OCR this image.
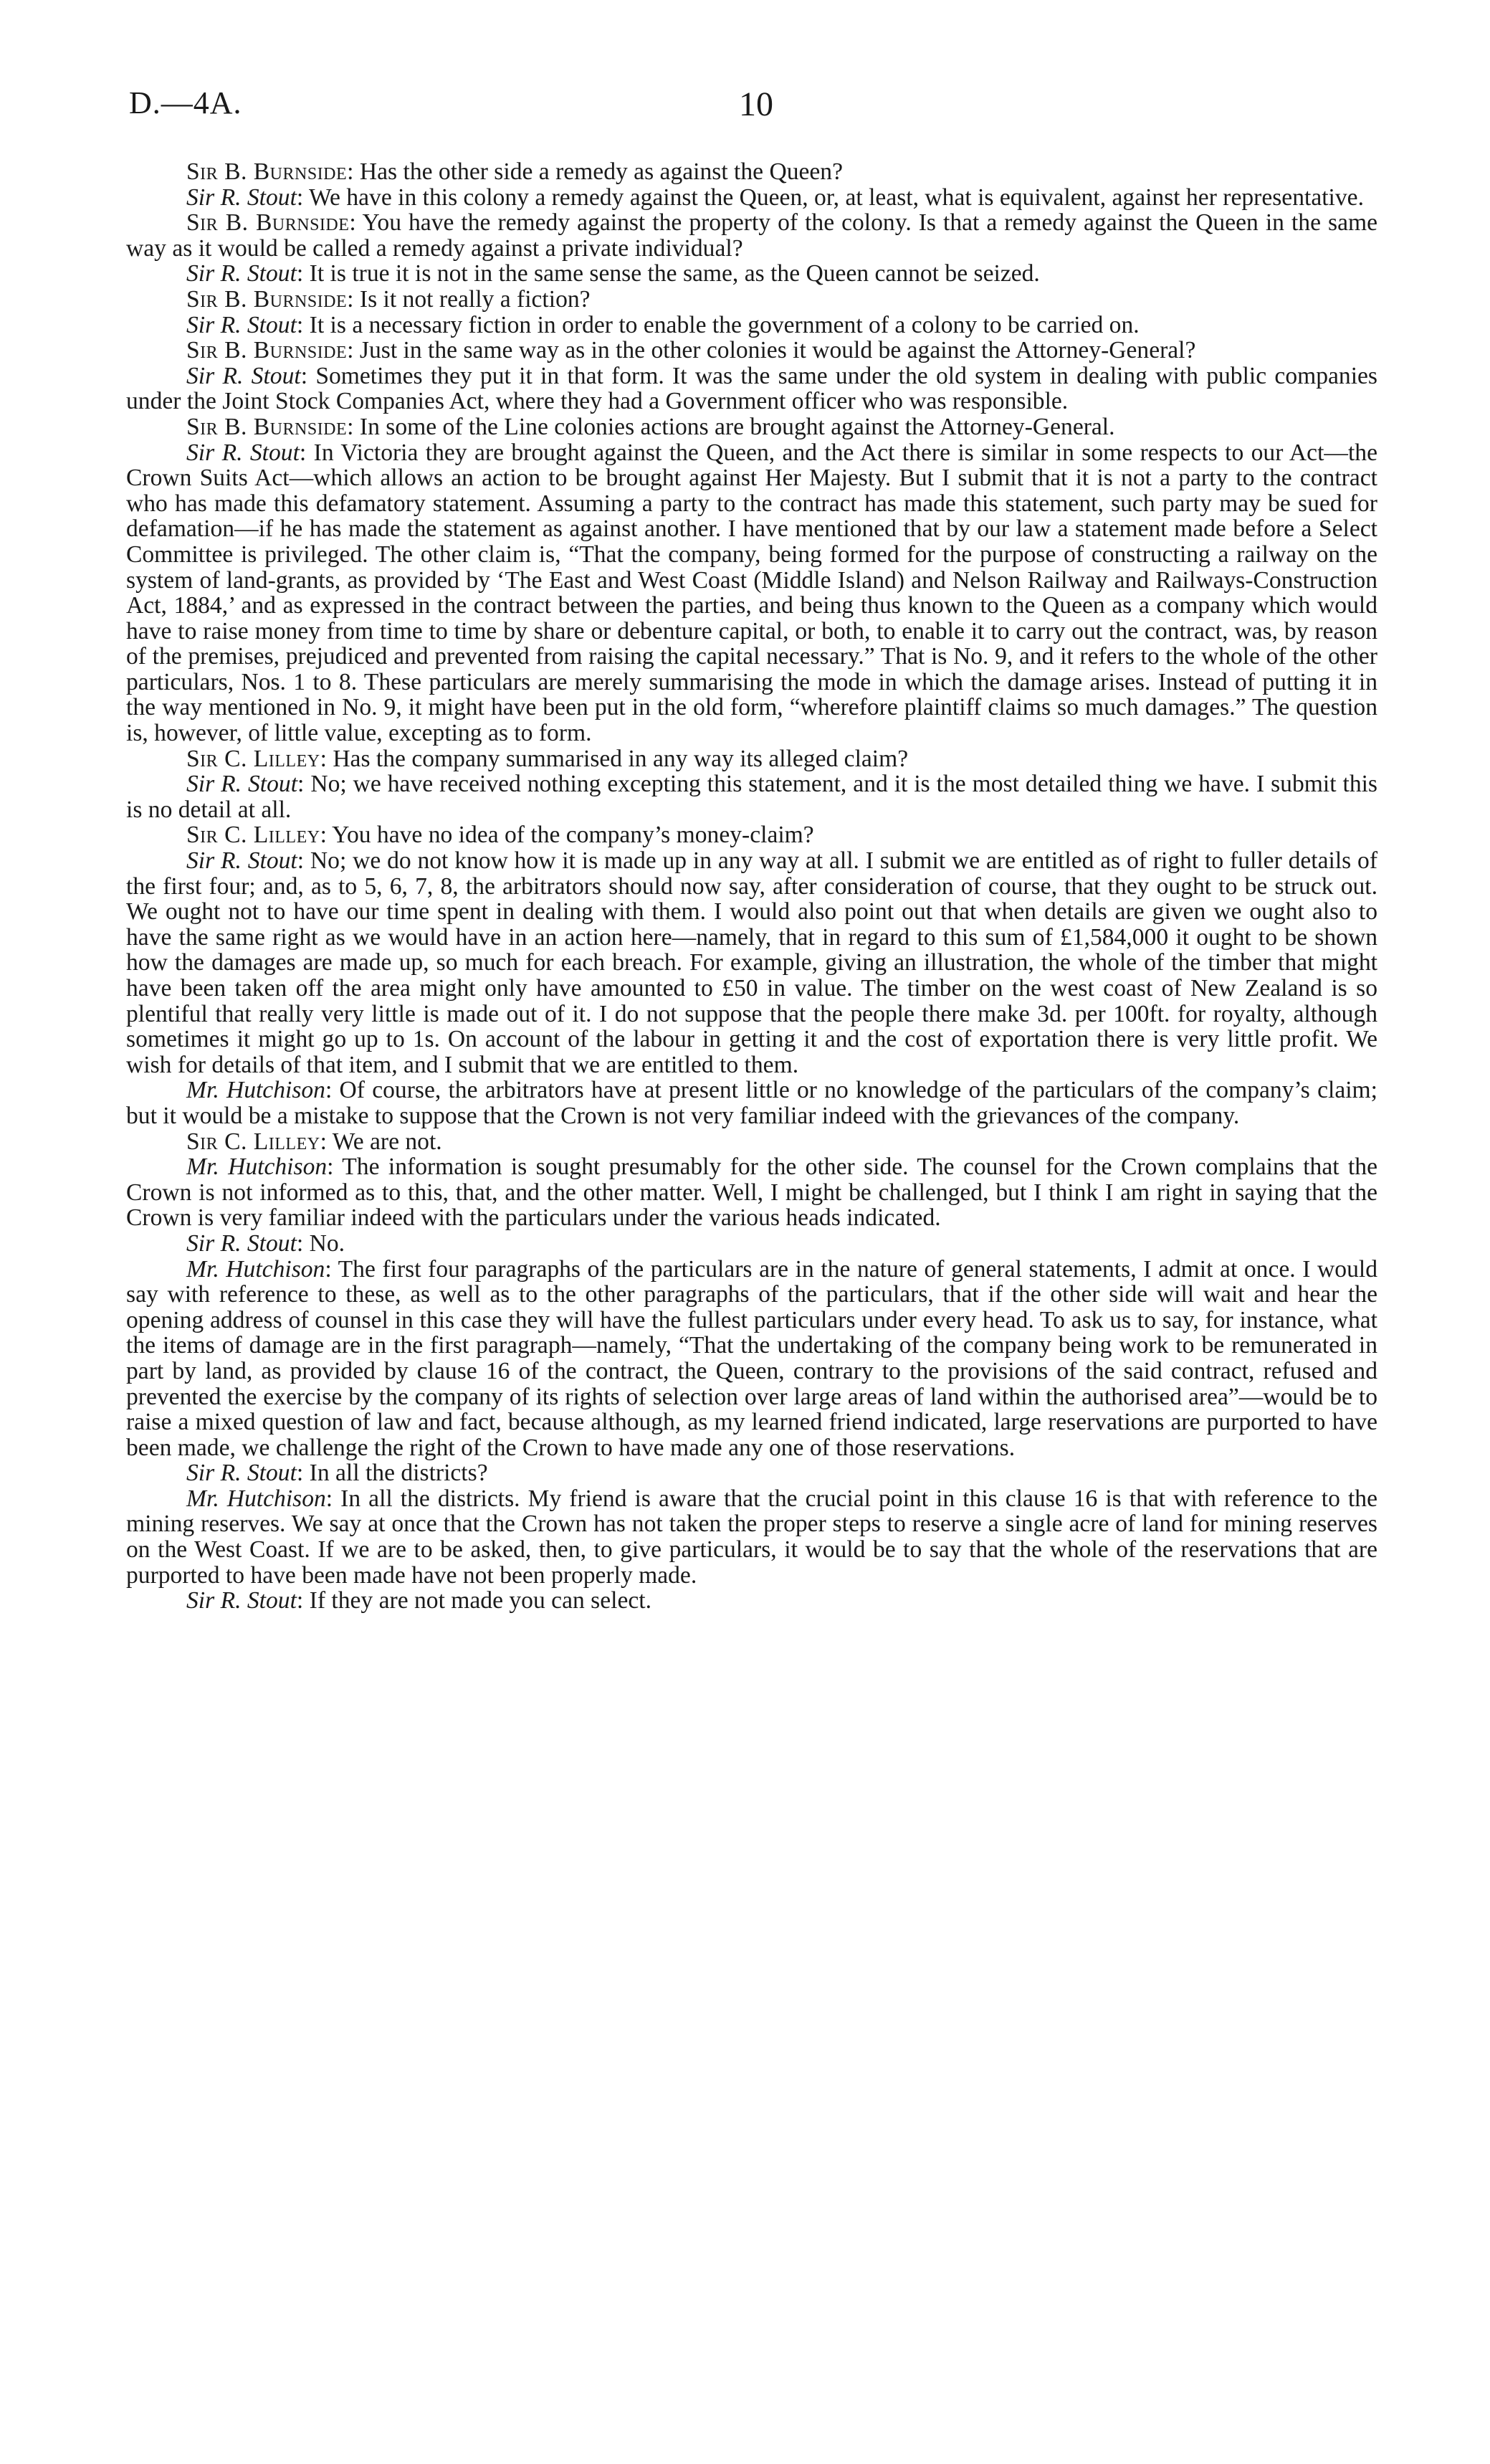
D.—4A.	10

Sir B. Burnside: Has the other side a remedy as against the Queen?

Sir R. Stout: We have in this colony a remedy against the Queen, or, at least, what is equivalent, against her representative.

Sir B. Burnside: You have the remedy against the property of the colony. Is that a remedy against the Queen in the same way as it would be called a remedy against a private individual?

Sir R. Stout: It is true it is not in the same sense the same, as the Queen cannot be seized.

Sir B. Burnside: Is it not really a fiction?

Sir R. Stout: It is a necessary fiction in order to enable the government of a colony to be carried on.

Sir B. Burnside: Just in the same way as in the other colonies it would be against the Attorney-General?

Sir R. Stout: Sometimes they put it in that form. It was the same under the old system in dealing with public companies under the Joint Stock Companies Act, where they had a Government officer who was responsible.

Sir B. Burnside: In some of the Line colonies actions are brought against the Attorney-General.

Sir R. Stout: In Victoria they are brought against the Queen, and the Act there is similar in some respects to our Act—the Crown Suits Act—which allows an action to be brought against Her Majesty. But I submit that it is not a party to the contract who has made this defamatory statement. Assuming a party to the contract has made this statement, such party may be sued for defamation—if he has made the statement as against another. I have mentioned that by our law a statement made before a Select Committee is privileged. The other claim is, “That the company, being formed for the purpose of constructing a railway on the system of land-grants, as provided by ‘The East and West Coast (Middle Island) and Nelson Railway and Railways-Construction Act, 1884,’ and as expressed in the contract between the parties, and being thus known to the Queen as a company which would have to raise money from time to time by share or debenture capital, or both, to enable it to carry out the contract, was, by reason of the premises, prejudiced and prevented from raising the capital necessary.” That is No. 9, and it refers to the whole of the other particulars, Nos. 1 to 8. These particulars are merely summarising the mode in which the damage arises. Instead of putting it in the way mentioned in No. 9, it might have been put in the old form, “wherefore plaintiff claims so much damages.” The question is, however, of little value, excepting as to form.

Sir C. Lilley: Has the company summarised in any way its alleged claim?

Sir R. Stout: No; we have received nothing excepting this statement, and it is the most detailed thing we have. I submit this is no detail at all.

Sir C. Lilley: You have no idea of the company’s money-claim?

Sir R. Stout: No; we do not know how it is made up in any way at all. I submit we are entitled as of right to fuller details of the first four; and, as to 5, 6, 7, 8, the arbitrators should now say, after consideration of course, that they ought to be struck out. We ought not to have our time spent in dealing with them. I would also point out that when details are given we ought also to have the same right as we would have in an action here—namely, that in regard to this sum of £1,584,000 it ought to be shown how the damages are made up, so much for each breach. For example, giving an illustration, the whole of the timber that might have been taken off the area might only have amounted to £50 in value. The timber on the west coast of New Zealand is so plentiful that really very little is made out of it. I do not suppose that the people there make 3d. per 100ft. for royalty, although sometimes it might go up to 1s. On account of the labour in getting it and the cost of exportation there is very little profit. We wish for details of that item, and I submit that we are entitled to them.

Mr. Hutchison: Of course, the arbitrators have at present little or no knowledge of the particulars of the company’s claim; but it would be a mistake to suppose that the Crown is not very familiar indeed with the grievances of the company.

Sir C. Lilley: We are not.

Mr. Hutchison: The information is sought presumably for the other side. The counsel for the Crown complains that the Crown is not informed as to this, that, and the other matter. Well, I might be challenged, but I think I am right in saying that the Crown is very familiar indeed with the particulars under the various heads indicated.

Sir R. Stout: No.

Mr. Hutchison: The first four paragraphs of the particulars are in the nature of general statements, I admit at once. I would say with reference to these, as well as to the other paragraphs of the particulars, that if the other side will wait and hear the opening address of counsel in this case they will have the fullest particulars under every head. To ask us to say, for instance, what the items of damage are in the first paragraph—namely, “That the undertaking of the company being work to be remunerated in part by land, as provided by clause 16 of the contract, the Queen, contrary to the provisions of the said contract, refused and prevented the exercise by the company of its rights of selection over large areas of land within the authorised area”—would be to raise a mixed question of law and fact, because although, as my learned friend indicated, large reservations are purported to have been made, we challenge the right of the Crown to have made any one of those reservations.

Sir R. Stout: In all the districts?

Mr. Hutchison: In all the districts. My friend is aware that the crucial point in this clause 16 is that with reference to the mining reserves. We say at once that the Crown has not taken the proper steps to reserve a single acre of land for mining reserves on the West Coast. If we are to be asked, then, to give particulars, it would be to say that the whole of the reservations that are purported to have been made have not been properly made.

Sir R. Stout: If they are not made you can select.
